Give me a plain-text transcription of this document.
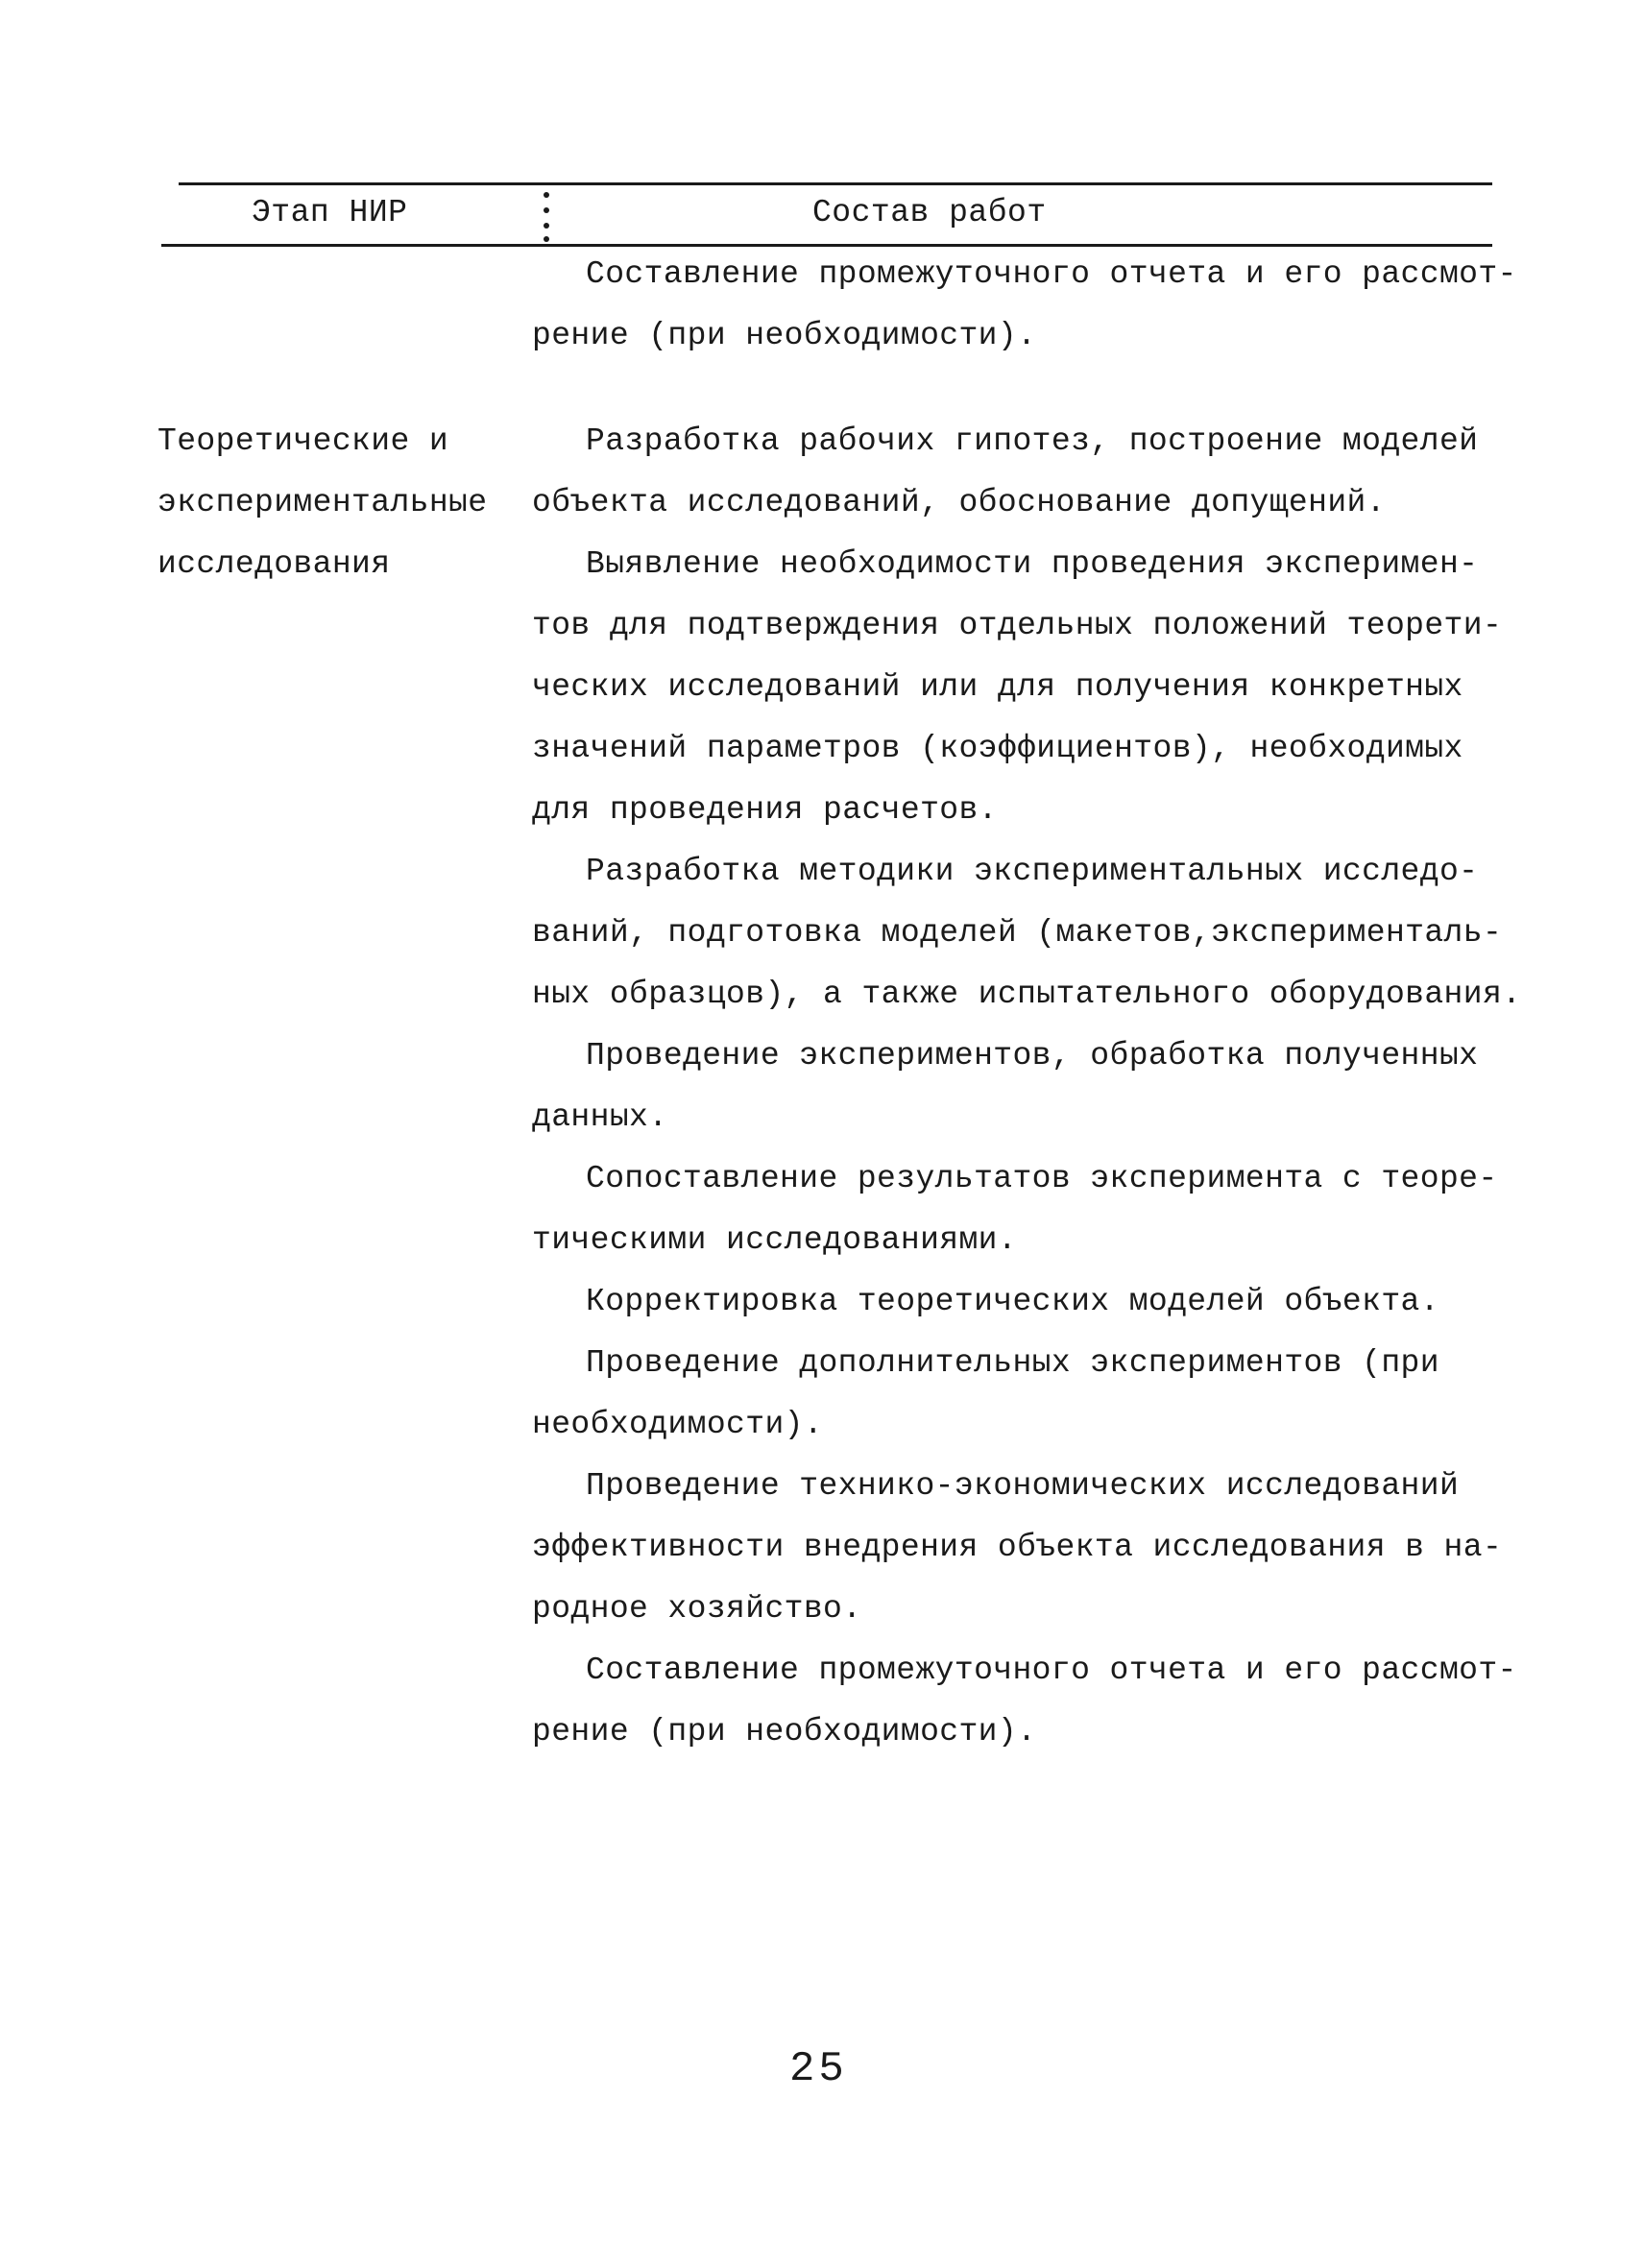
Этап НИР	Состав работ
Составление промежуточного отчета и его рассмот-
рение (при необходимости).
Теоретические и
экспериментальные
исследования
Разработка рабочих гипотез, построение моделей
объекта исследований, обоснование допущений.
Выявление необходимости проведения эксперимен-
тов для подтверждения отдельных положений теорети-
ческих исследований или для получения конкретных
значений параметров (коэффициентов), необходимых
для проведения расчетов.
Разработка методики экспериментальных исследо-
ваний, подготовка моделей (макетов,эксперименталь-
ных образцов), а также испытательного оборудования.
Проведение экспериментов, обработка полученных
данных.
Сопоставление результатов эксперимента с теоре-
тическими исследованиями.
Корректировка теоретических моделей объекта.
Проведение дополнительных экспериментов (при
необходимости).
Проведение технико-экономических исследований
эффективности внедрения объекта исследования в на-
родное хозяйство.
Составление промежуточного отчета и его рассмот-
рение (при необходимости).
25
